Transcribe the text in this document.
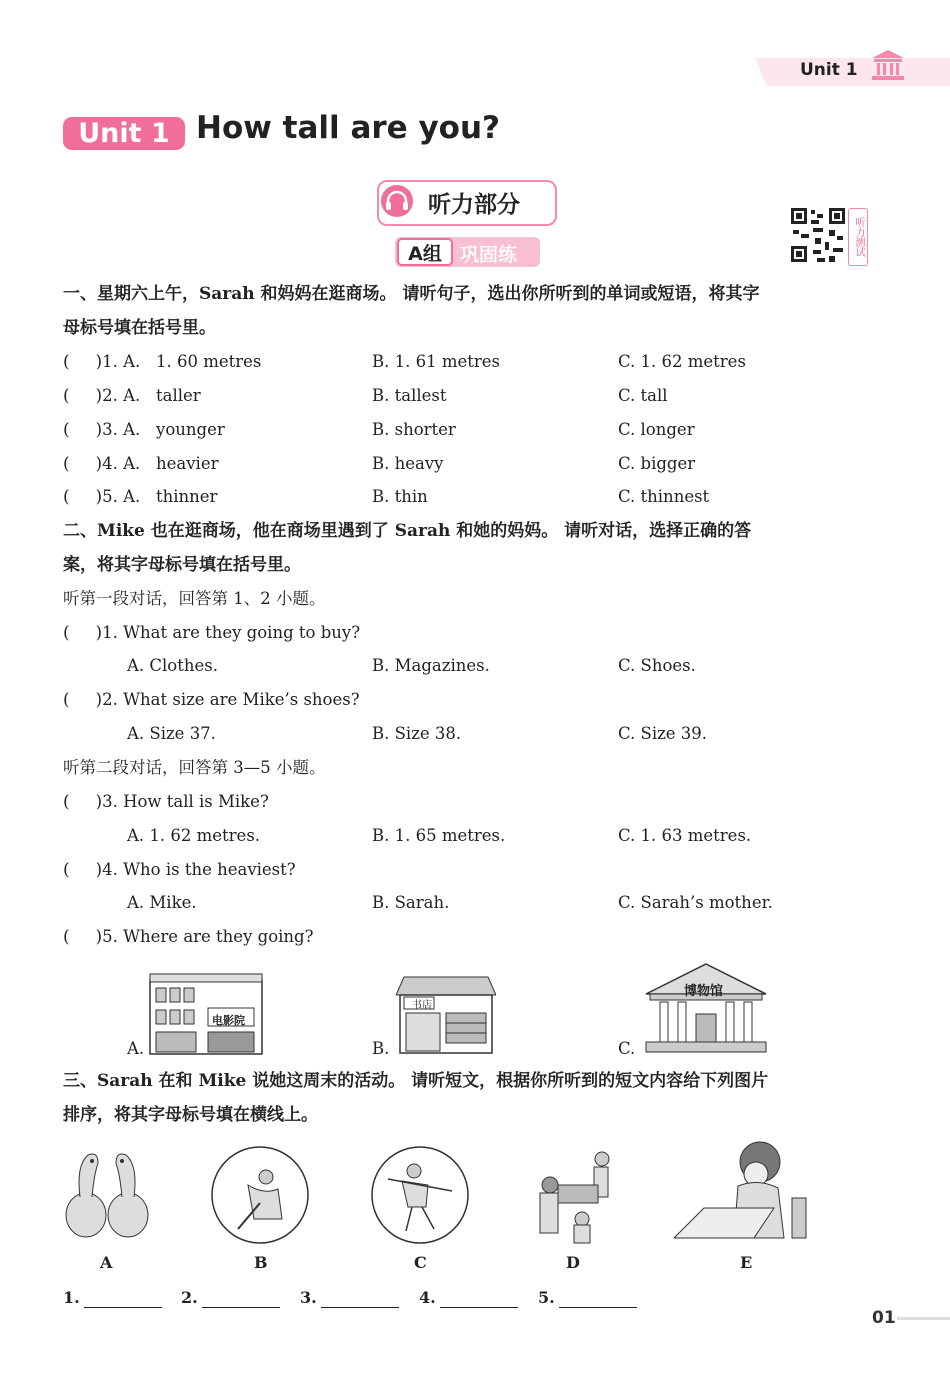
Unit 1
Unit 1 How tall are you?
听力部分
A组 巩固练	听力测试
一、星期六上午，Sarah 和妈妈在逛商场。 请听句子，选出你所听到的单词或短语，将其字
母标号填在括号里。
( )1. A. 1. 60 metres	B. 1. 61 metres	C. 1. 62 metres
( )2. A. taller	B. tallest	C. tall
( )3. A. younger	B. shorter	C. longer
( )4. A. heavier	B. heavy	C. bigger
( )5. A. thinner	B. thin	C. thinnest
二、Mike 也在逛商场，他在商场里遇到了 Sarah 和她的妈妈。 请听对话，选择正确的答
案，将其字母标号填在括号里。
听第一段对话，回答第 1、2 小题。
( )1. What are they going to buy?
A. Clothes.	B. Magazines.	C. Shoes.
( )2. What size are Mike’s shoes?
A. Size 37.	B. Size 38.	C. Size 39.
听第二段对话，回答第 3—5 小题。
( )3. How tall is Mike?
A. 1. 62 metres.	B. 1. 65 metres.	C. 1. 63 metres.
( )4. Who is the heaviest?
A. Mike.	B. Sarah.	C. Sarah’s mother.
( )5. Where are they going?
A.
电影院
B.
书店
C.
博物馆
三、Sarah 在和 Mike 说她这周末的活动。 请听短文，根据你所听到的短文内容给下列图片
排序，将其字母标号填在横线上。
A	B	C	D	E
1.	2.	3.	4.	5.
01
